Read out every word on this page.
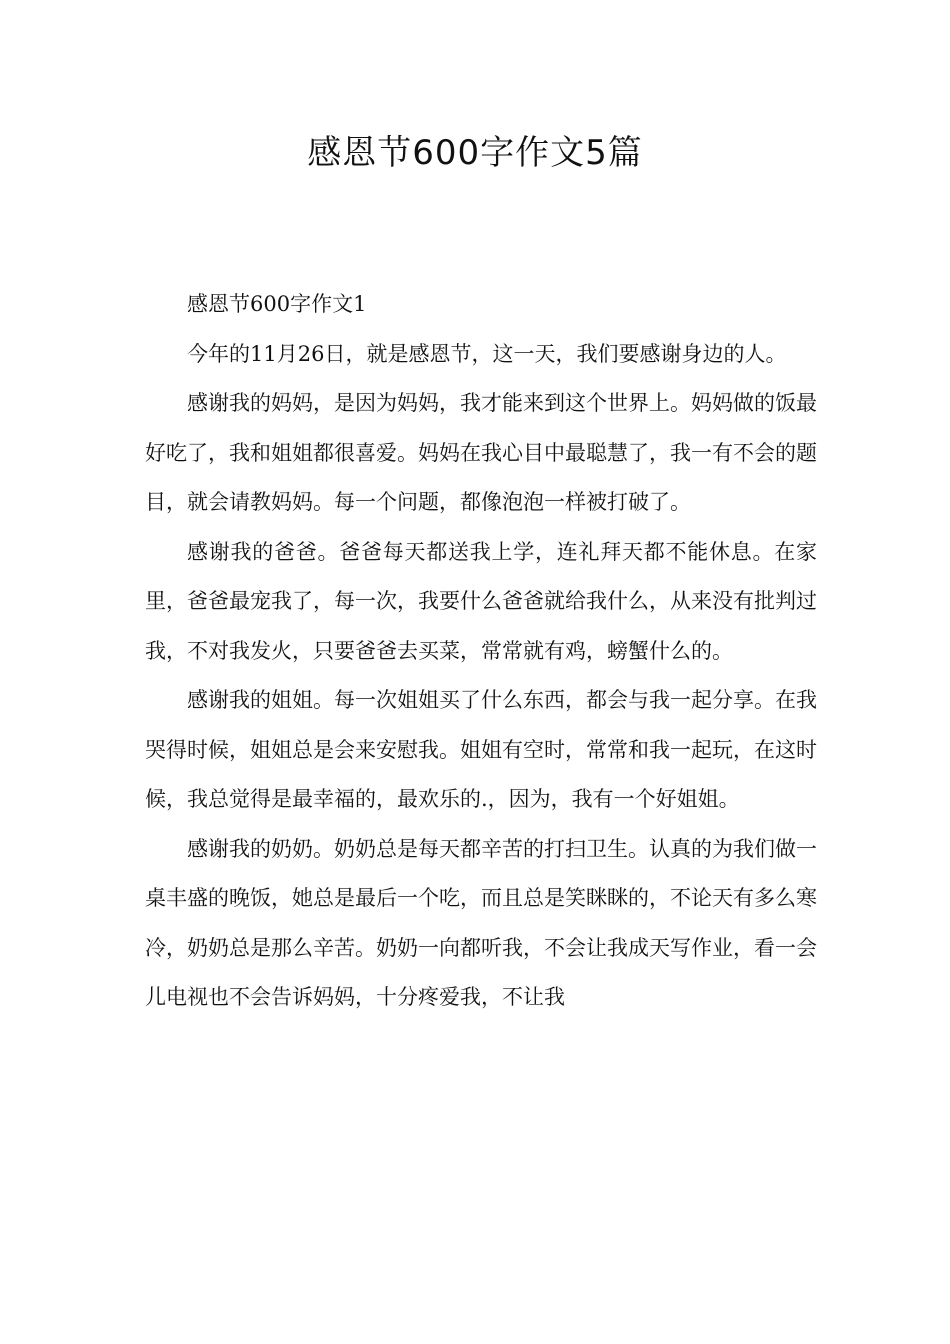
感恩节600字作文5篇

感恩节600字作文1

今年的11月26日，就是感恩节，这一天，我们要感谢身边的人。

感谢我的妈妈，是因为妈妈，我才能来到这个世界上。妈妈做的饭最好吃了，我和姐姐都很喜爱。妈妈在我心目中最聪慧了，我一有不会的题目，就会请教妈妈。每一个问题，都像泡泡一样被打破了。

感谢我的爸爸。爸爸每天都送我上学，连礼拜天都不能休息。在家里，爸爸最宠我了，每一次，我要什么爸爸就给我什么，从来没有批判过我，不对我发火，只要爸爸去买菜，常常就有鸡，螃蟹什么的。

感谢我的姐姐。每一次姐姐买了什么东西，都会与我一起分享。在我哭得时候，姐姐总是会来安慰我。姐姐有空时，常常和我一起玩，在这时候，我总觉得是最幸福的，最欢乐的.，因为，我有一个好姐姐。

感谢我的奶奶。奶奶总是每天都辛苦的打扫卫生。认真的为我们做一桌丰盛的晚饭，她总是最后一个吃，而且总是笑眯眯的，不论天有多么寒冷，奶奶总是那么辛苦。奶奶一向都听我，不会让我成天写作业，看一会儿电视也不会告诉妈妈，十分疼爱我，不让我
